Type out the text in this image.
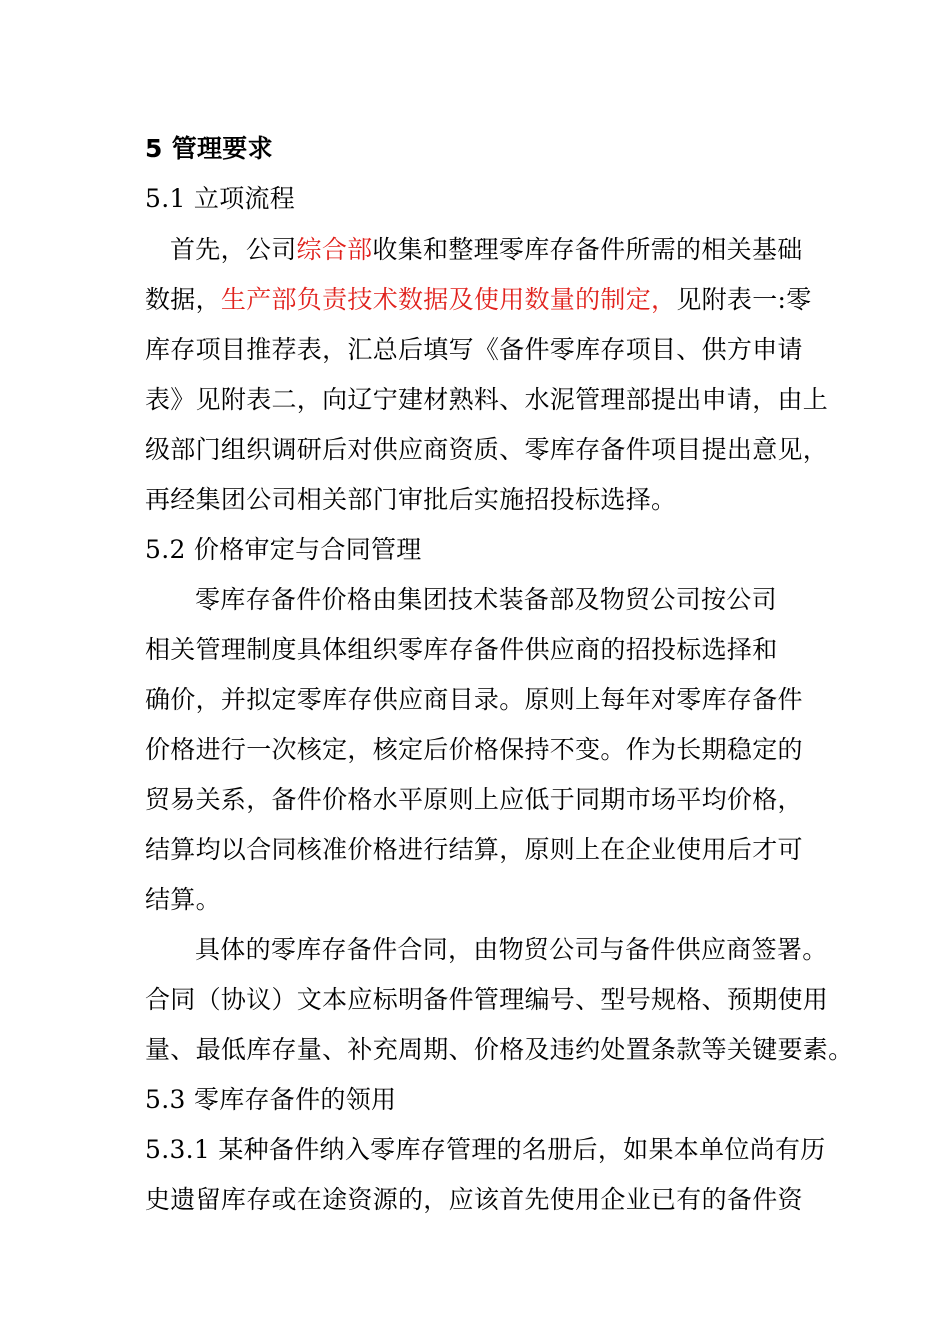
5 管理要求
5.1 立项流程
首先，公司综合部收集和整理零库存备件所需的相关基础
数据，生产部负责技术数据及使用数量的制定，见附表一:零
库存项目推荐表，汇总后填写《备件零库存项目、供方申请
表》见附表二，向辽宁建材熟料、水泥管理部提出申请，由上
级部门组织调研后对供应商资质、零库存备件项目提出意见，
再经集团公司相关部门审批后实施招投标选择。
5.2 价格审定与合同管理
零库存备件价格由集团技术装备部及物贸公司按公司
相关管理制度具体组织零库存备件供应商的招投标选择和
确价，并拟定零库存供应商目录。原则上每年对零库存备件
价格进行一次核定，核定后价格保持不变。作为长期稳定的
贸易关系，备件价格水平原则上应低于同期市场平均价格，
结算均以合同核准价格进行结算，原则上在企业使用后才可
结算。
具体的零库存备件合同，由物贸公司与备件供应商签署。
合同（协议）文本应标明备件管理编号、型号规格、预期使用
量、最低库存量、补充周期、价格及违约处置条款等关键要素。
5.3 零库存备件的领用
5.3.1 某种备件纳入零库存管理的名册后，如果本单位尚有历
史遗留库存或在途资源的，应该首先使用企业已有的备件资
